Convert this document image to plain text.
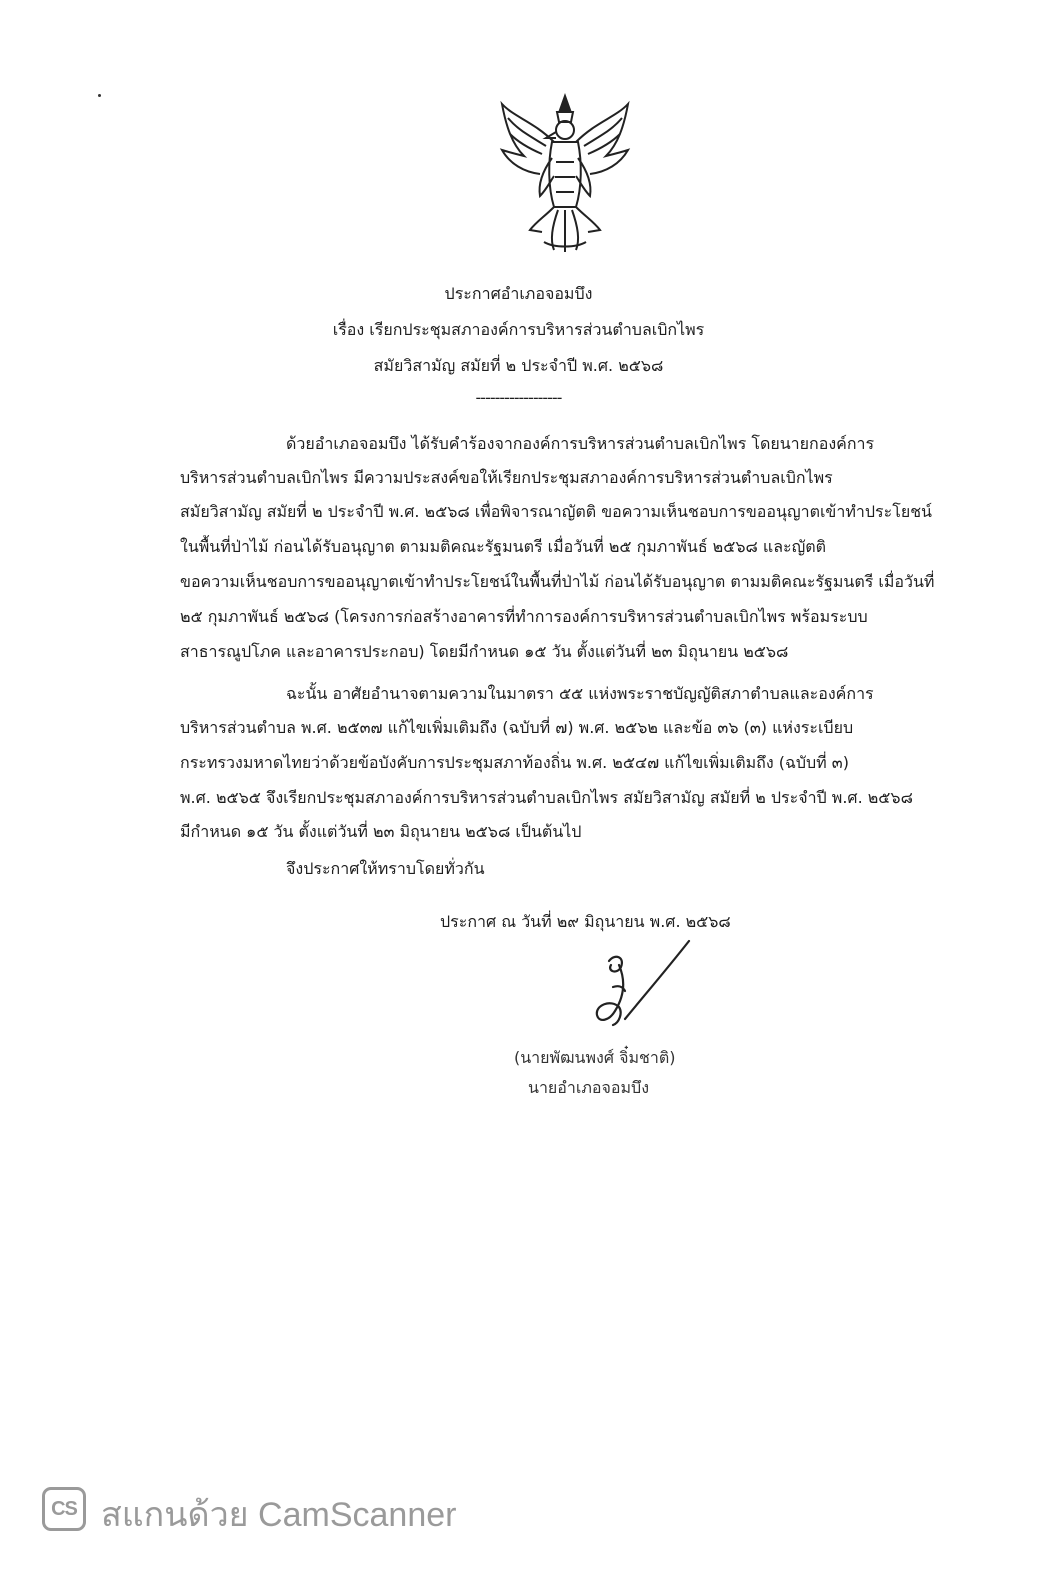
ประกาศอำเภอจอมบึง
เรื่อง เรียกประชุมสภาองค์การบริหารส่วนตำบลเบิกไพร
สมัยวิสามัญ สมัยที่ ๒ ประจำปี พ.ศ. ๒๕๖๘
------------------
ด้วยอำเภอจอมบึง ได้รับคำร้องจากองค์การบริหารส่วนตำบลเบิกไพร โดยนายกองค์การ
บริหารส่วนตำบลเบิกไพร มีความประสงค์ขอให้เรียกประชุมสภาองค์การบริหารส่วนตำบลเบิกไพร
สมัยวิสามัญ สมัยที่ ๒ ประจำปี พ.ศ. ๒๕๖๘ เพื่อพิจารณาญัตติ ขอความเห็นชอบการขออนุญาตเข้าทำประโยชน์
ในพื้นที่ป่าไม้ ก่อนได้รับอนุญาต ตามมติคณะรัฐมนตรี เมื่อวันที่ ๒๕ กุมภาพันธ์ ๒๕๖๘ และญัตติ
ขอความเห็นชอบการขออนุญาตเข้าทำประโยชน์ในพื้นที่ป่าไม้ ก่อนได้รับอนุญาต ตามมติคณะรัฐมนตรี เมื่อวันที่
๒๕ กุมภาพันธ์ ๒๕๖๘ (โครงการก่อสร้างอาคารที่ทำการองค์การบริหารส่วนตำบลเบิกไพร พร้อมระบบ
สาธารณูปโภค และอาคารประกอบ) โดยมีกำหนด ๑๕ วัน ตั้งแต่วันที่ ๒๓ มิถุนายน ๒๕๖๘
ฉะนั้น อาศัยอำนาจตามความในมาตรา ๕๕ แห่งพระราชบัญญัติสภาตำบลและองค์การ
บริหารส่วนตำบล พ.ศ. ๒๕๓๗ แก้ไขเพิ่มเติมถึง (ฉบับที่ ๗) พ.ศ. ๒๕๖๒ และข้อ ๓๖ (๓) แห่งระเบียบ
กระทรวงมหาดไทยว่าด้วยข้อบังคับการประชุมสภาท้องถิ่น พ.ศ. ๒๕๔๗ แก้ไขเพิ่มเติมถึง (ฉบับที่ ๓)
พ.ศ. ๒๕๖๕ จึงเรียกประชุมสภาองค์การบริหารส่วนตำบลเบิกไพร สมัยวิสามัญ สมัยที่ ๒ ประจำปี พ.ศ. ๒๕๖๘
มีกำหนด ๑๕ วัน ตั้งแต่วันที่ ๒๓ มิถุนายน ๒๕๖๘ เป็นต้นไป
จึงประกาศให้ทราบโดยทั่วกัน
ประกาศ ณ วันที่ ๒๙ มิถุนายน พ.ศ. ๒๕๖๘
(นายพัฒนพงศ์ จิ๋มชาติ)
นายอำเภอจอมบึง
CS สแกนด้วย CamScanner
